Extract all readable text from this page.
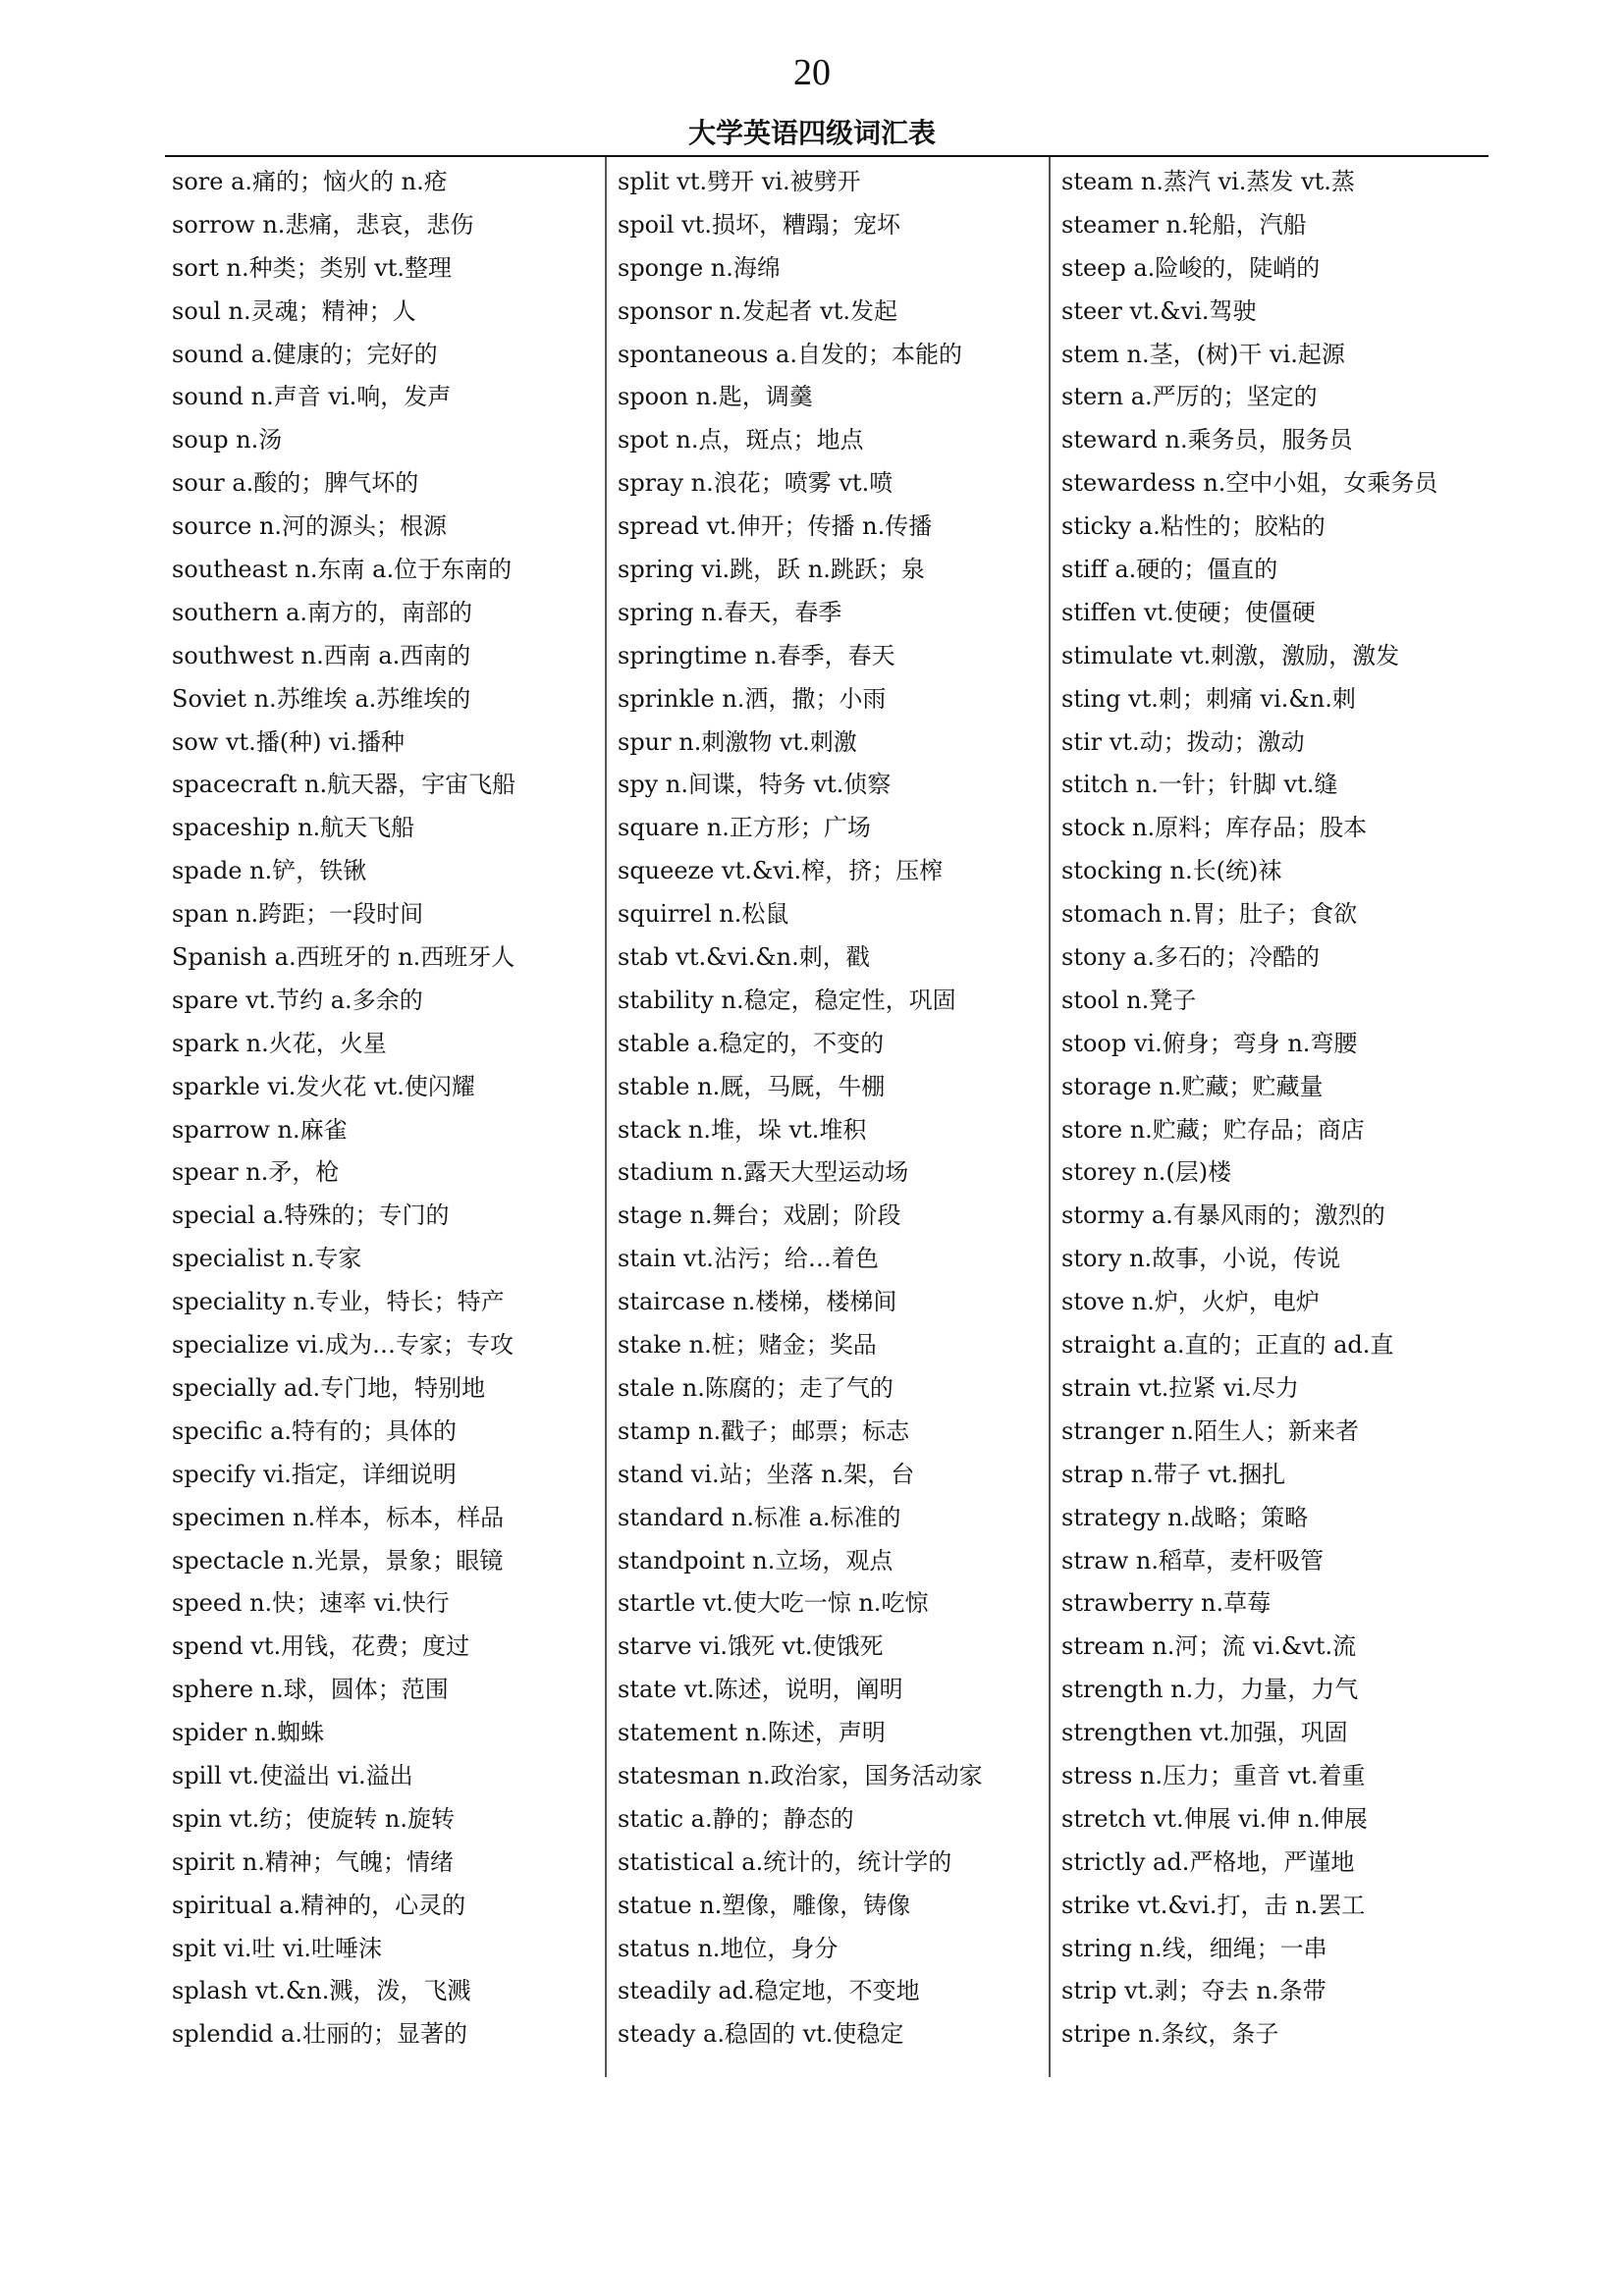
20
大学英语四级词汇表
sore a.痛的；恼火的 n.疮
sorrow n.悲痛，悲哀，悲伤
sort n.种类；类别 vt.整理
soul n.灵魂；精神；人
sound a.健康的；完好的
sound n.声音 vi.响，发声
soup n.汤
sour a.酸的；脾气坏的
source n.河的源头；根源
southeast n.东南 a.位于东南的
southern a.南方的，南部的
southwest n.西南 a.西南的
Soviet n.苏维埃 a.苏维埃的
sow vt.播(种) vi.播种
spacecraft n.航天器，宇宙飞船
spaceship n.航天飞船
spade n.铲，铁锹
span n.跨距；一段时间
Spanish a.西班牙的 n.西班牙人
spare vt.节约 a.多余的
spark n.火花，火星
sparkle vi.发火花 vt.使闪耀
sparrow n.麻雀
spear n.矛，枪
special a.特殊的；专门的
specialist n.专家
speciality n.专业，特长；特产
specialize vi.成为…专家；专攻
specially ad.专门地，特别地
specific a.特有的；具体的
specify vi.指定，详细说明
specimen n.样本，标本，样品
spectacle n.光景，景象；眼镜
speed n.快；速率 vi.快行
spend vt.用钱，花费；度过
sphere n.球，圆体；范围
spider n.蜘蛛
spill vt.使溢出 vi.溢出
spin vt.纺；使旋转 n.旋转
spirit n.精神；气魄；情绪
spiritual a.精神的，心灵的
spit vi.吐 vi.吐唾沫
splash vt.&n.溅，泼，飞溅
splendid a.壮丽的；显著的
split vt.劈开 vi.被劈开
spoil vt.损坏，糟蹋；宠坏
sponge n.海绵
sponsor n.发起者 vt.发起
spontaneous a.自发的；本能的
spoon n.匙，调羹
spot n.点，斑点；地点
spray n.浪花；喷雾 vt.喷
spread vt.伸开；传播 n.传播
spring vi.跳，跃 n.跳跃；泉
spring n.春天，春季
springtime n.春季，春天
sprinkle n.洒，撒；小雨
spur n.刺激物 vt.刺激
spy n.间谍，特务 vt.侦察
square n.正方形；广场
squeeze vt.&vi.榨，挤；压榨
squirrel n.松鼠
stab vt.&vi.&n.刺，戳
stability n.稳定，稳定性，巩固
stable a.稳定的，不变的
stable n.厩，马厩，牛棚
stack n.堆，垛 vt.堆积
stadium n.露天大型运动场
stage n.舞台；戏剧；阶段
stain vt.沾污；给…着色
staircase n.楼梯，楼梯间
stake n.桩；赌金；奖品
stale n.陈腐的；走了气的
stamp n.戳子；邮票；标志
stand vi.站；坐落 n.架，台
standard n.标准 a.标准的
standpoint n.立场，观点
startle vt.使大吃一惊 n.吃惊
starve vi.饿死 vt.使饿死
state vt.陈述，说明，阐明
statement n.陈述，声明
statesman n.政治家，国务活动家
static a.静的；静态的
statistical a.统计的，统计学的
statue n.塑像，雕像，铸像
status n.地位，身分
steadily ad.稳定地，不变地
steady a.稳固的 vt.使稳定
steam n.蒸汽 vi.蒸发 vt.蒸
steamer n.轮船，汽船
steep a.险峻的，陡峭的
steer vt.&vi.驾驶
stem n.茎，(树)干 vi.起源
stern a.严厉的；坚定的
steward n.乘务员，服务员
stewardess n.空中小姐，女乘务员
sticky a.粘性的；胶粘的
stiff a.硬的；僵直的
stiffen vt.使硬；使僵硬
stimulate vt.刺激，激励，激发
sting vt.刺；刺痛 vi.&n.刺
stir vt.动；拨动；激动
stitch n.一针；针脚 vt.缝
stock n.原料；库存品；股本
stocking n.长(统)袜
stomach n.胃；肚子；食欲
stony a.多石的；冷酷的
stool n.凳子
stoop vi.俯身；弯身 n.弯腰
storage n.贮藏；贮藏量
store n.贮藏；贮存品；商店
storey n.(层)楼
stormy a.有暴风雨的；激烈的
story n.故事，小说，传说
stove n.炉，火炉，电炉
straight a.直的；正直的 ad.直
strain vt.拉紧 vi.尽力
stranger n.陌生人；新来者
strap n.带子 vt.捆扎
strategy n.战略；策略
straw n.稻草，麦杆吸管
strawberry n.草莓
stream n.河；流 vi.&vt.流
strength n.力，力量，力气
strengthen vt.加强，巩固
stress n.压力；重音 vt.着重
stretch vt.伸展 vi.伸 n.伸展
strictly ad.严格地，严谨地
strike vt.&vi.打，击 n.罢工
string n.线，细绳；一串
strip vt.剥；夺去 n.条带
stripe n.条纹，条子
